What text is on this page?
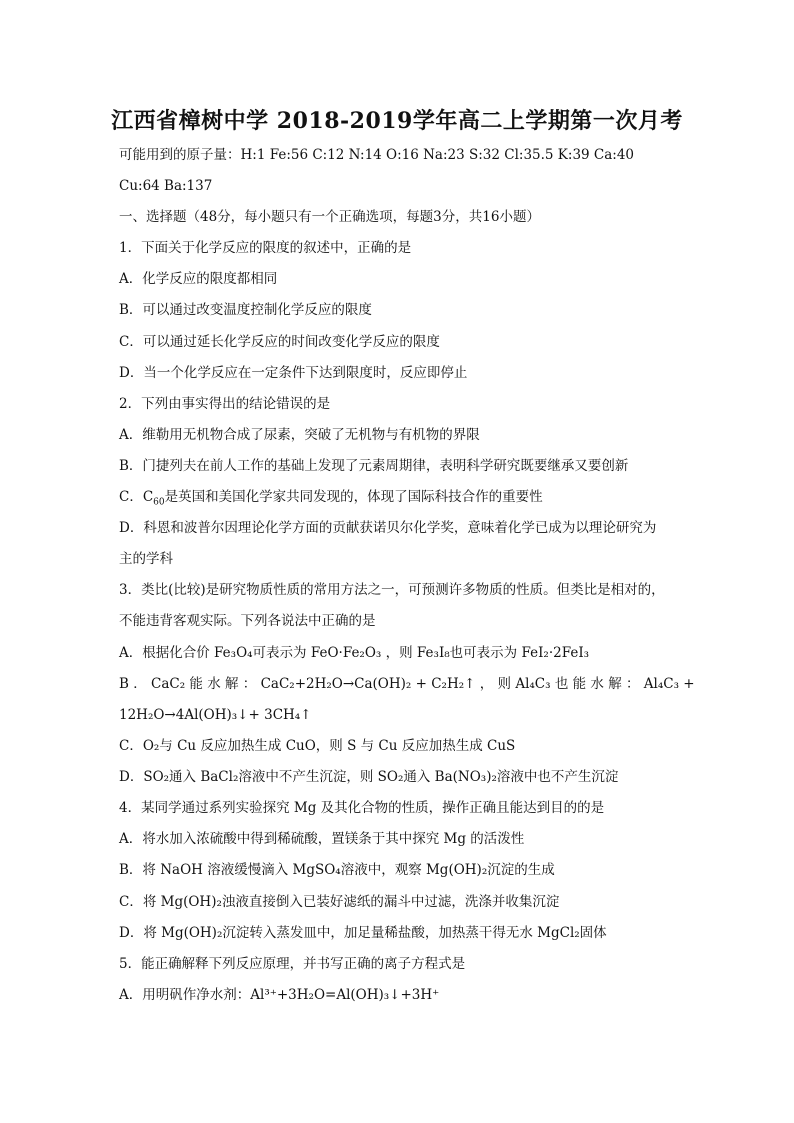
江西省樟树中学 2018-2019学年高二上学期第一次月考
可能用到的原子量：H:1 Fe:56 C:12 N:14 O:16 Na:23 S:32 Cl:35.5 K:39 Ca:40
Cu:64 Ba:137
一、选择题（48分，每小题只有一个正确选项，每题3分，共16小题）
1．下面关于化学反应的限度的叙述中，正确的是
A．化学反应的限度都相同
B．可以通过改变温度控制化学反应的限度
C．可以通过延长化学反应的时间改变化学反应的限度
D．当一个化学反应在一定条件下达到限度时，反应即停止
2．下列由事实得出的结论错误的是
A．维勒用无机物合成了尿素，突破了无机物与有机物的界限
B．门捷列夫在前人工作的基础上发现了元素周期律，表明科学研究既要继承又要创新
C．$C_{60}$是英国和美国化学家共同发现的，体现了国际科技合作的重要性
D．科恩和波普尔因理论化学方面的贡献获诺贝尔化学奖，意味着化学已成为以理论研究为
主的学科
3．类比(比较)是研究物质性质的常用方法之一，可预测许多物质的性质。但类比是相对的，
不能违背客观实际。下列各说法中正确的是
A．根据化合价 Fe₃O₄可表示为 FeO·Fe₂O₃ ，则 Fe₃I₈也可表示为 FeI₂·2FeI₃
B ． CaC₂ 能 水 解 ： CaC₂+2H₂O→Ca(OH)₂ + C₂H₂↑ ， 则 Al₄C₃ 也 能 水 解 ： Al₄C₃ +
12H₂O→4Al(OH)₃↓+ 3CH₄↑
C．O₂与 Cu 反应加热生成 CuO，则 S 与 Cu 反应加热生成 CuS
D．SO₂通入 BaCl₂溶液中不产生沉淀，则 SO₂通入 Ba(NO₃)₂溶液中也不产生沉淀
4．某同学通过系列实验探究 Mg 及其化合物的性质，操作正确且能达到目的的是
A．将水加入浓硫酸中得到稀硫酸，置镁条于其中探究 Mg 的活泼性
B．将 NaOH 溶液缓慢滴入 MgSO₄溶液中，观察 Mg(OH)₂沉淀的生成
C．将 Mg(OH)₂浊液直接倒入已装好滤纸的漏斗中过滤，洗涤并收集沉淀
D．将 Mg(OH)₂沉淀转入蒸发皿中，加足量稀盐酸，加热蒸干得无水 MgCl₂固体
5．能正确解释下列反应原理，并书写正确的离子方程式是
A．用明矾作净水剂：Al³⁺+3H₂O=Al(OH)₃↓+3H⁺
